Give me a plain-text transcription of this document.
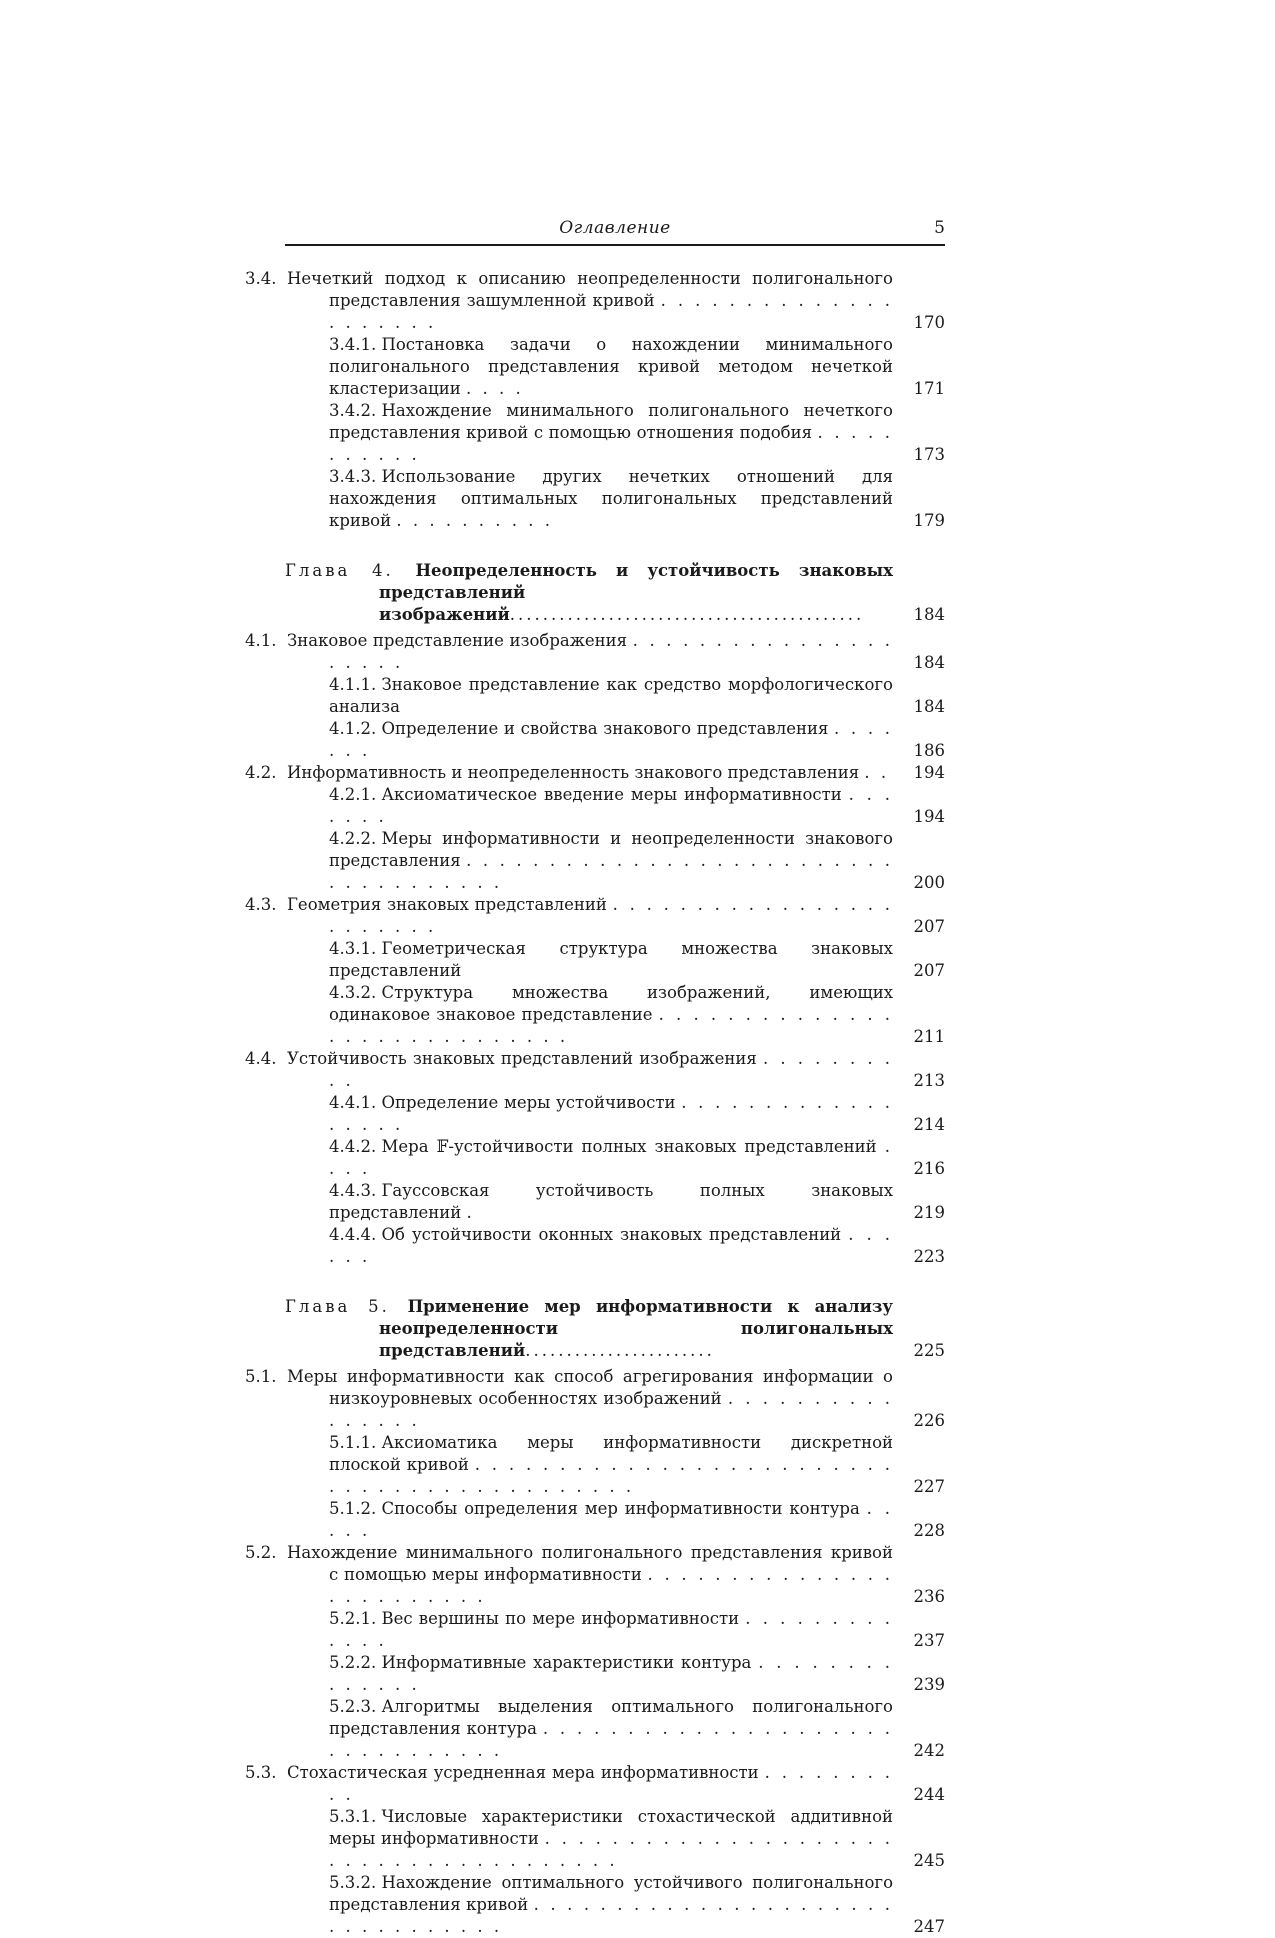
Оглавление	5
3.4. Нечеткий подход к описанию неопределенности полигонального представления зашумленной кривой . . . . . . . . . . . . . . . . . . . . .	170
3.4.1. Постановка задачи о нахождении минимального полигонального представления кривой методом нечеткой кластеризации . . . .	171
3.4.2. Нахождение минимального полигонального нечеткого представления кривой с помощью отношения подобия . . . . . . . . . . .	173
3.4.3. Использование других нечетких отношений для нахождения оптимальных полигональных представлений кривой . . . . . . . . . .	179
Глава 4. Неопределенность и устойчивость знаковых представлений изображений...........................................	184
4.1. Знаковое представление изображения . . . . . . . . . . . . . . . . . . . . .	184
4.1.1. Знаковое представление как средство морфологического анализа	184
4.1.2. Определение и свойства знакового представления . . . . . . .	186
4.2. Информативность и неопределенность знакового представления . .	194
4.2.1. Аксиоматическое введение меры информативности . . . . . . .	194
4.2.2. Меры информативности и неопределенности знакового представления . . . . . . . . . . . . . . . . . . . . . . . . . . . . . . . . . . . . .	200
4.3. Геометрия знаковых представлений . . . . . . . . . . . . . . . . . . . . . . . .	207
4.3.1. Геометрическая структура множества знаковых представлений	207
4.3.2. Структура множества изображений, имеющих одинаковое знаковое представление . . . . . . . . . . . . . . . . . . . . . . . . . . . . .	211
4.4. Устойчивость знаковых представлений изображения . . . . . . . . . .	213
4.4.1. Определение меры устойчивости . . . . . . . . . . . . . . . . . .	214
4.4.2. Мера 𝔽-устойчивости полных знаковых представлений . . . .	216
4.4.3. Гауссовская устойчивость полных знаковых представлений .	219
4.4.4. Об устойчивости оконных знаковых представлений . . . . . .	223
Глава 5. Применение мер информативности к анализу неопределенности полигональных представлений.......................	225
5.1. Меры информативности как способ агрегирования информации о низкоуровневых особенностях изображений . . . . . . . . . . . . . . . .	226
5.1.1. Аксиоматика меры информативности дискретной плоской кривой . . . . . . . . . . . . . . . . . . . . . . . . . . . . . . . . . . . . . . . . . . . .	227
5.1.2. Способы определения мер информативности контура . . . . .	228
5.2. Нахождение минимального полигонального представления кривой с помощью меры информативности . . . . . . . . . . . . . . . . . . . . . . . . .	236
5.2.1. Вес вершины по мере информативности . . . . . . . . . . . . .	237
5.2.2. Информативные характеристики контура . . . . . . . . . . . . . .	239
5.2.3. Алгоритмы выделения оптимального полигонального представления контура . . . . . . . . . . . . . . . . . . . . . . . . . . . . . . . .	242
5.3. Стохастическая усредненная мера информативности . . . . . . . . . .	244
5.3.1. Числовые характеристики стохастической аддитивной меры информативности . . . . . . . . . . . . . . . . . . . . . . . . . . . . . . . . . . . . . . .	245
5.3.2. Нахождение оптимального устойчивого полигонального представления кривой . . . . . . . . . . . . . . . . . . . . . . . . . . . . . . . . .	247
